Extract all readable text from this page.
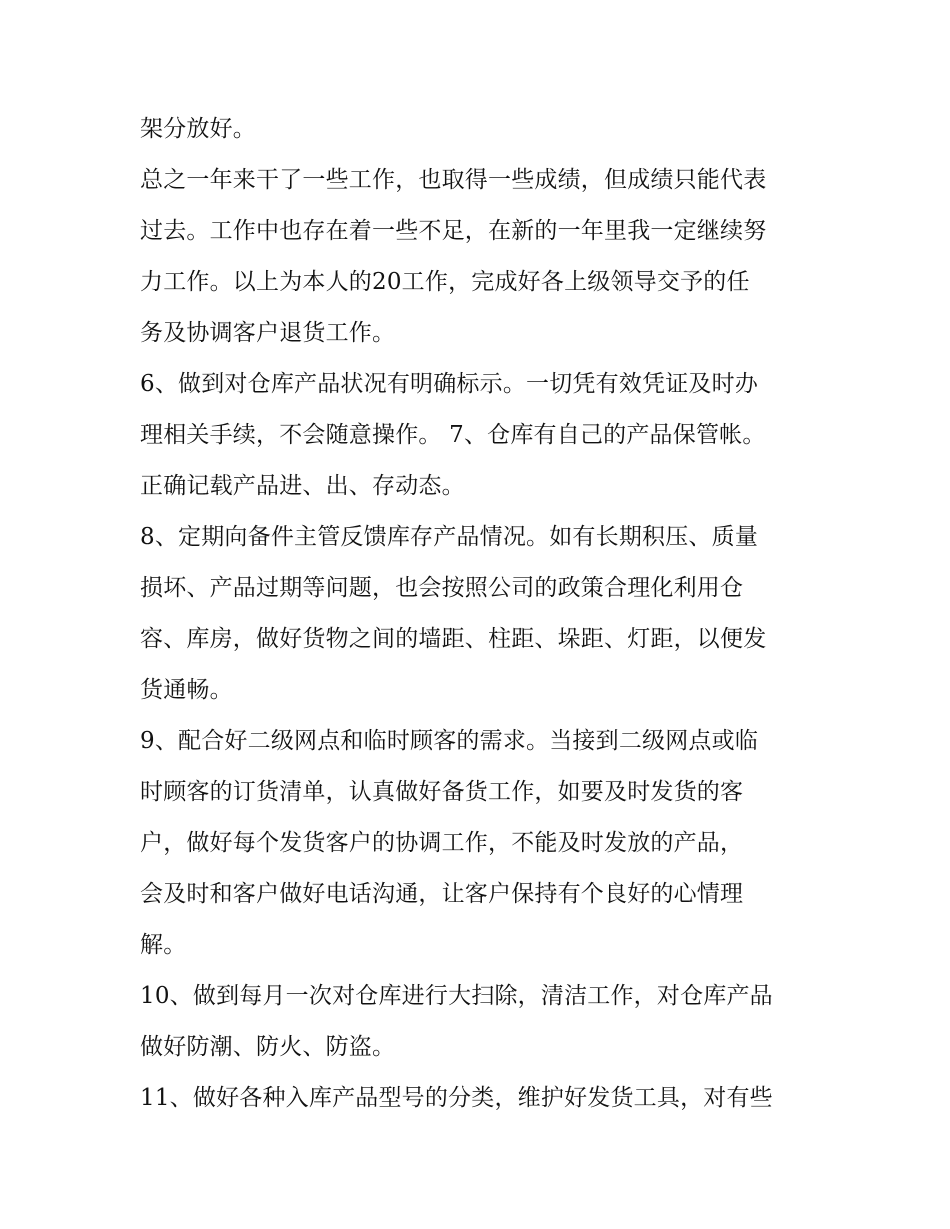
架分放好。
总之一年来干了一些工作，也取得一些成绩，但成绩只能代表
过去。工作中也存在着一些不足，在新的一年里我一定继续努
力工作。以上为本人的20工作，完成好各上级领导交予的任
务及协调客户退货工作。
6、做到对仓库产品状况有明确标示。一切凭有效凭证及时办
理相关手续，不会随意操作。 7、仓库有自己的产品保管帐。
正确记载产品进、出、存动态。
8、定期向备件主管反馈库存产品情况。如有长期积压、质量
损坏、产品过期等问题，也会按照公司的政策合理化利用仓
容、库房，做好货物之间的墙距、柱距、垛距、灯距，以便发
货通畅。
9、配合好二级网点和临时顾客的需求。当接到二级网点或临
时顾客的订货清单，认真做好备货工作，如要及时发货的客
户，做好每个发货客户的协调工作，不能及时发放的产品，
会及时和客户做好电话沟通，让客户保持有个良好的心情理
解。
10、做到每月一次对仓库进行大扫除，清洁工作，对仓库产品
做好防潮、防火、防盗。
11、做好各种入库产品型号的分类，维护好发货工具，对有些
